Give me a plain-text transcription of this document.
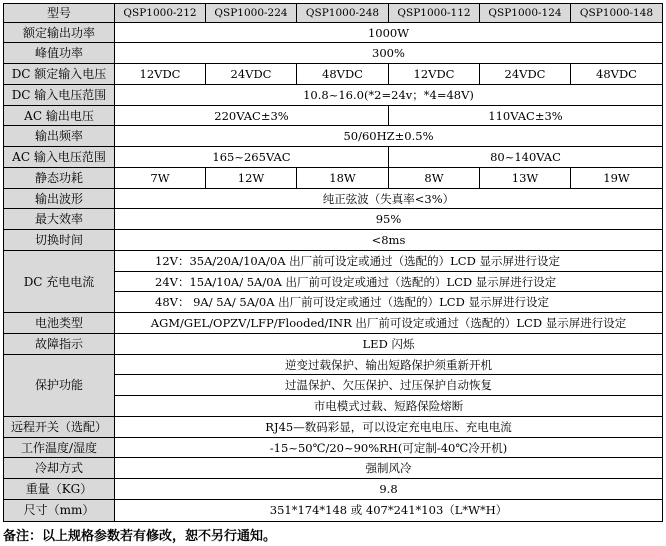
型号	QSP1000-212	QSP1000-224	QSP1000-248	QSP1000-112	QSP1000-124	QSP1000-148
额定输出功率	1000W					
峰值功率	300%					
DC 额定输入电压	12VDC	24VDC	48VDC	12VDC	24VDC	48VDC
DC 输入电压范围	10.8~16.0(*2=24v；*4=48V)					
AC 输出电压	220VAC±3%			110VAC±3%		
输出频率	50/60HZ±0.5%					
AC 输入电压范围	165~265VAC			80~140VAC		
静态功耗	7W	12W	18W	8W	13W	19W
输出波形	纯正弦波（失真率<3%）					
最大效率	95%					
切换时间	<8ms					
DC 充电电流	12V：35A/20A/10A/0A 出厂前可设定或通过（选配的）LCD 显示屏进行设定					
	24V：15A/10A/ 5A/0A 出厂前可设定或通过（选配的）LCD 显示屏进行设定					
	48V： 9A/ 5A/ 5A/0A 出厂前可设定或通过（选配的）LCD 显示屏进行设定					
电池类型	AGM/GEL/OPZV/LFP/Flooded/INR 出厂前可设定或通过（选配的）LCD 显示屏进行设定					
故障指示	LED 闪烁					
保护功能	逆变过载保护、输出短路保护须重新开机					
	过温保护、欠压保护、过压保护自动恢复					
	市电模式过载、短路保险熔断					
远程开关（选配）	RJ45—数码彩显，可以设定充电电压、充电电流					
工作温度/湿度	-15~50℃/20~90%RH(可定制-40℃冷开机)					
冷却方式	强制风冷					
重量（KG）	9.8					
尺寸（mm）	351*174*148 或 407*241*103（L*W*H）					
备注：以上规格参数若有修改，恕不另行通知。
